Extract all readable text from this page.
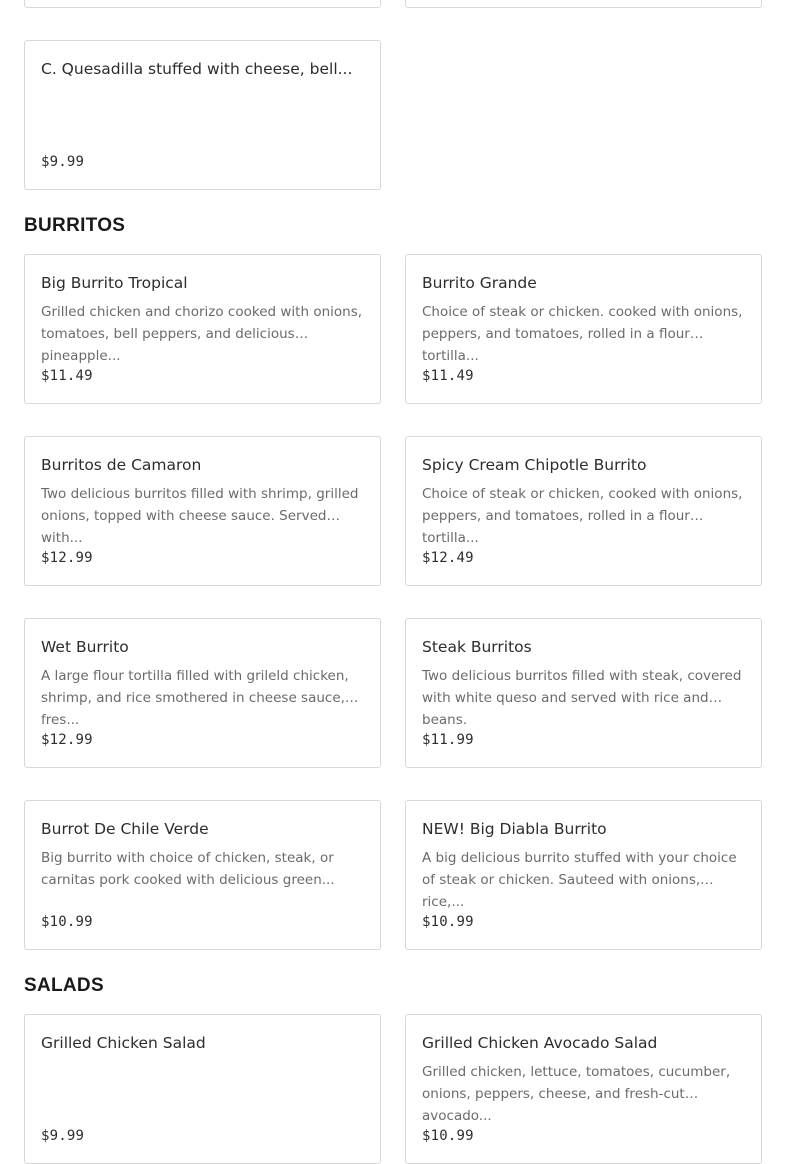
C. Quesadilla stuffed with cheese, bell...
$9.99
BURRITOS
Big Burrito Tropical
Grilled chicken and chorizo cooked with onions, tomatoes, bell peppers, and delicious pineapple...
$11.49
Burrito Grande
Choice of steak or chicken. cooked with onions, peppers, and tomatoes, rolled in a flour tortilla...
$11.49
Burritos de Camaron
Two delicious burritos filled with shrimp, grilled onions, topped with cheese sauce. Served with...
$12.99
Spicy Cream Chipotle Burrito
Choice of steak or chicken, cooked with onions, peppers, and tomatoes, rolled in a flour tortilla...
$12.49
Wet Burrito
A large flour tortilla filled with grileld chicken, shrimp, and rice smothered in cheese sauce, fres...
$12.99
Steak Burritos
Two delicious burritos filled with steak, covered with white queso and served with rice and beans.
$11.99
Burrot De Chile Verde
Big burrito with choice of chicken, steak, or carnitas pork cooked with delicious green...
$10.99
NEW! Big Diabla Burrito
A big delicious burrito stuffed with your choice of steak or chicken. Sauteed with onions, rice,...
$10.99
SALADS
Grilled Chicken Salad
$9.99
Grilled Chicken Avocado Salad
Grilled chicken, lettuce, tomatoes, cucumber, onions, peppers, cheese, and fresh-cut avocado...
$10.99
